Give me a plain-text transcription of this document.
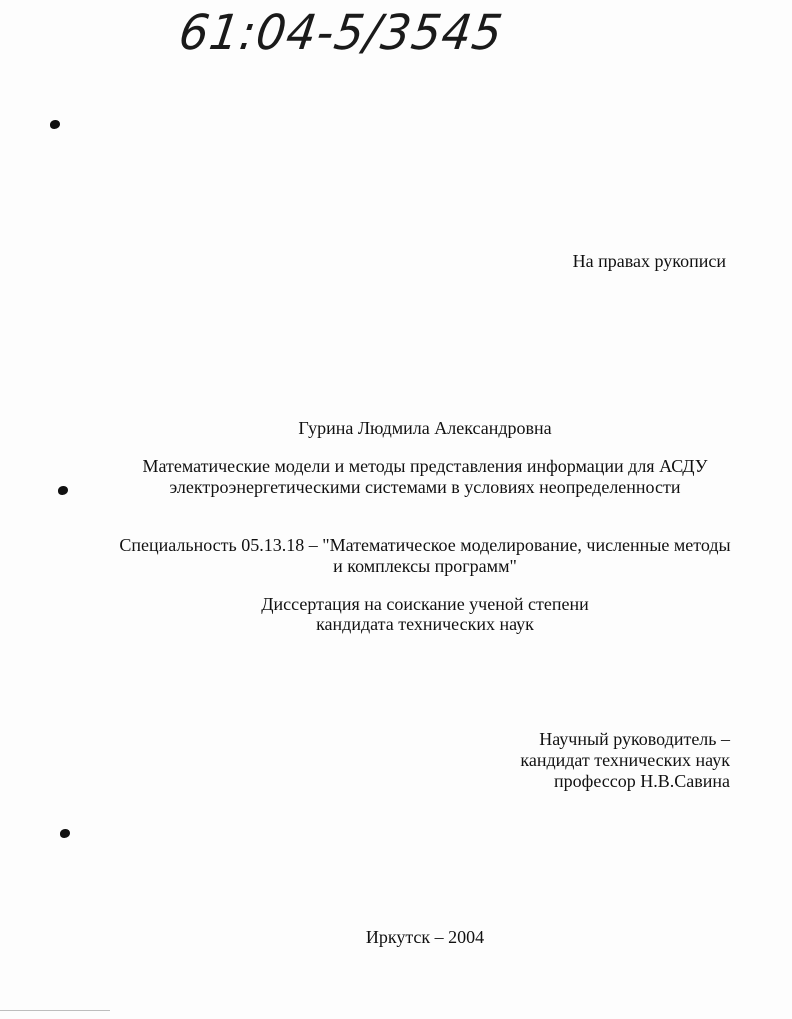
61:04-5/3545
На правах рукописи
Гурина Людмила Александровна
Математические модели и методы представления информации для АСДУ
электроэнергетическими системами в условиях неопределенности
Специальность 05.13.18 – "Математическое моделирование, численные методы
и комплексы программ"
Диссертация на соискание ученой степени
кандидата технических наук
Научный руководитель –
кандидат технических наук
профессор Н.В.Савина
Иркутск – 2004
